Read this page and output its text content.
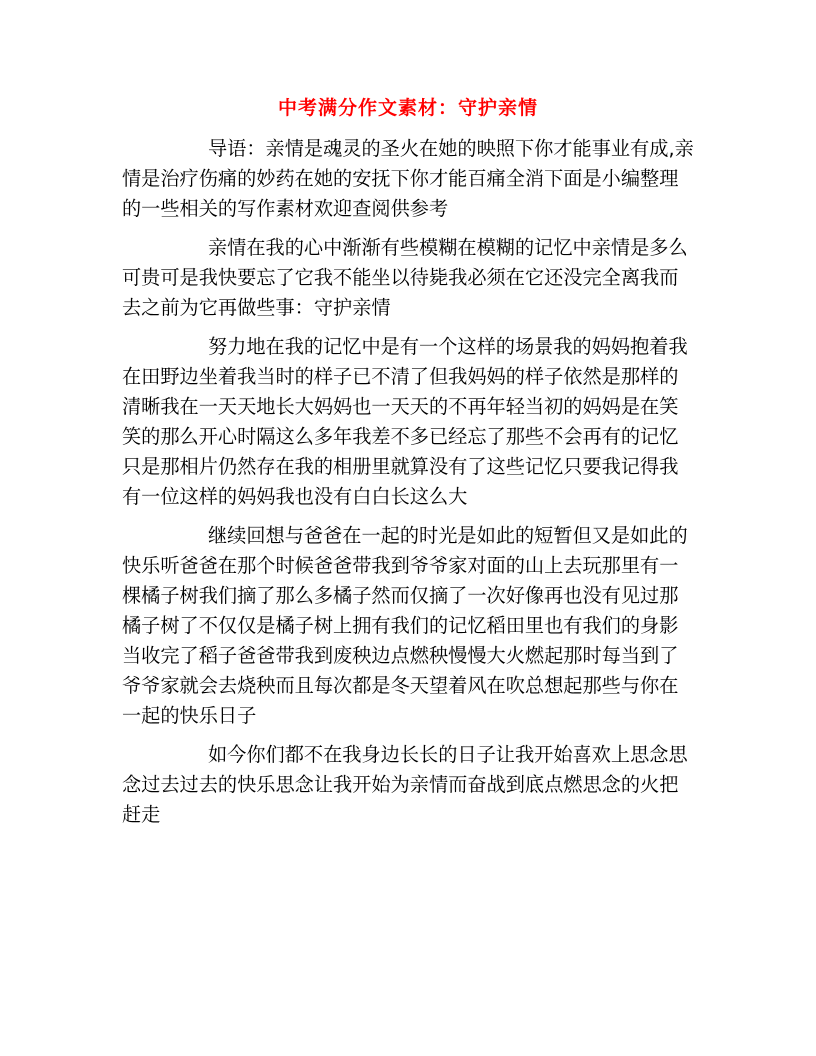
中考满分作文素材：守护亲情

导语：亲情是魂灵的圣火在她的映照下你才能事业有成,亲情是治疗伤痛的妙药在她的安抚下你才能百痛全消下面是小编整理的一些相关的写作素材欢迎查阅供参考

亲情在我的心中渐渐有些模糊在模糊的记忆中亲情是多么可贵可是我快要忘了它我不能坐以待毙我必须在它还没完全离我而去之前为它再做些事：守护亲情

努力地在我的记忆中是有一个这样的场景我的妈妈抱着我在田野边坐着我当时的样子已不清了但我妈妈的样子依然是那样的清晰我在一天天地长大妈妈也一天天的不再年轻当初的妈妈是在笑笑的那么开心时隔这么多年我差不多已经忘了那些不会再有的记忆只是那相片仍然存在我的相册里就算没有了这些记忆只要我记得我有一位这样的妈妈我也没有白白长这么大

继续回想与爸爸在一起的时光是如此的短暂但又是如此的快乐听爸爸在那个时候爸爸带我到爷爷家对面的山上去玩那里有一棵橘子树我们摘了那么多橘子然而仅摘了一次好像再也没有见过那橘子树了不仅仅是橘子树上拥有我们的记忆稻田里也有我们的身影当收完了稻子爸爸带我到废秧边点燃秧慢慢大火燃起那时每当到了爷爷家就会去烧秧而且每次都是冬天望着风在吹总想起那些与你在一起的快乐日子

如今你们都不在我身边长长的日子让我开始喜欢上思念思念过去过去的快乐思念让我开始为亲情而奋战到底点燃思念的火把赶走
